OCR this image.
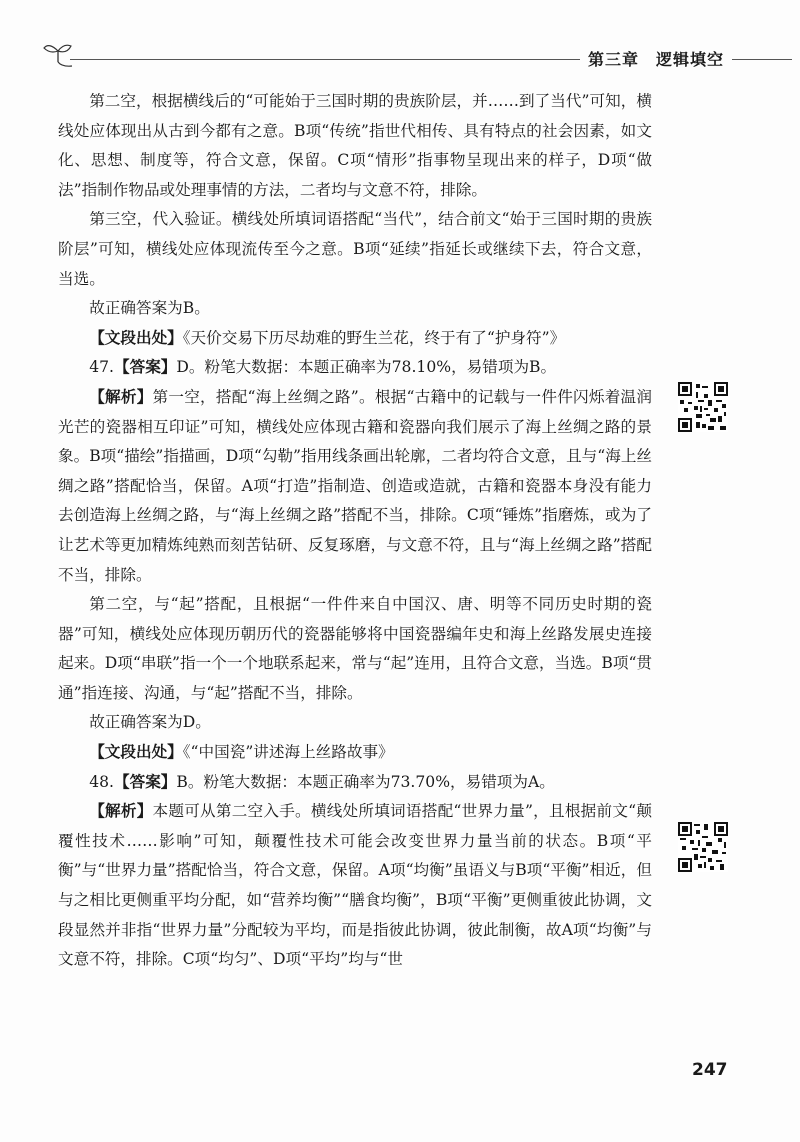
第三章　逻辑填空

第二空，根据横线后的“可能始于三国时期的贵族阶层，并……到了当代”可知，横线处应体现出从古到今都有之意。B项“传统”指世代相传、具有特点的社会因素，如文化、思想、制度等，符合文意，保留。C项“情形”指事物呈现出来的样子，D项“做法”指制作物品或处理事情的方法，二者均与文意不符，排除。

第三空，代入验证。横线处所填词语搭配“当代”，结合前文“始于三国时期的贵族阶层”可知，横线处应体现流传至今之意。B项“延续”指延长或继续下去，符合文意，当选。

故正确答案为B。

【文段出处】《天价交易下历尽劫难的野生兰花，终于有了“护身符”》

47.【答案】D。粉笔大数据：本题正确率为78.10%，易错项为B。

【解析】第一空，搭配“海上丝绸之路”。根据“古籍中的记载与一件件闪烁着温润光芒的瓷器相互印证”可知，横线处应体现古籍和瓷器向我们展示了海上丝绸之路的景象。B项“描绘”指描画，D项“勾勒”指用线条画出轮廓，二者均符合文意，且与“海上丝绸之路”搭配恰当，保留。A项“打造”指制造、创造或造就，古籍和瓷器本身没有能力去创造海上丝绸之路，与“海上丝绸之路”搭配不当，排除。C项“锤炼”指磨炼，或为了让艺术等更加精炼纯熟而刻苦钻研、反复琢磨，与文意不符，且与“海上丝绸之路”搭配不当，排除。

第二空，与“起”搭配，且根据“一件件来自中国汉、唐、明等不同历史时期的瓷器”可知，横线处应体现历朝历代的瓷器能够将中国瓷器编年史和海上丝路发展史连接起来。D项“串联”指一个一个地联系起来，常与“起”连用，且符合文意，当选。B项“贯通”指连接、沟通，与“起”搭配不当，排除。

故正确答案为D。

【文段出处】《“中国瓷”讲述海上丝路故事》

48.【答案】B。粉笔大数据：本题正确率为73.70%，易错项为A。

【解析】本题可从第二空入手。横线处所填词语搭配“世界力量”，且根据前文“颠覆性技术……影响”可知，颠覆性技术可能会改变世界力量当前的状态。B项“平衡”与“世界力量”搭配恰当，符合文意，保留。A项“均衡”虽语义与B项“平衡”相近，但与之相比更侧重平均分配，如“营养均衡”“膳食均衡”，B项“平衡”更侧重彼此协调，文段显然并非指“世界力量”分配较为平均，而是指彼此协调，彼此制衡，故A项“均衡”与文意不符，排除。C项“均匀”、D项“平均”均与“世

247
